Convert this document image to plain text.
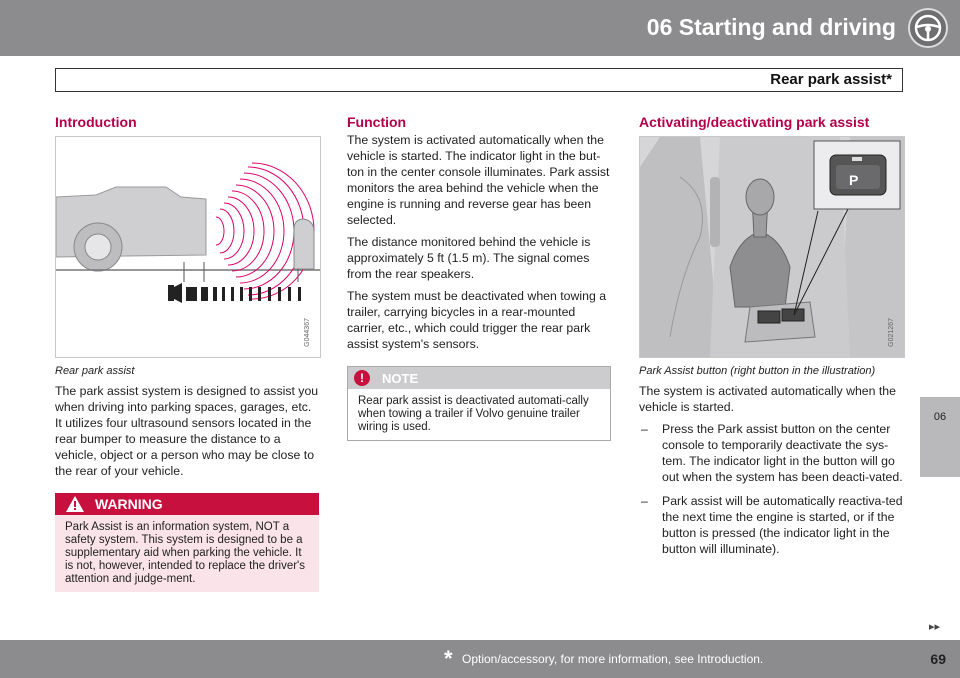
06 Starting and driving
Rear park assist*
06
Introduction
G044367
Rear park assist

The park assist system is designed to assist you when driving into parking spaces, garages, etc. It utilizes four ultrasound sensors located in the rear bumper to measure the distance to a vehicle, object or a person who may be close to the rear of your vehicle.

WARNING
Park Assist is an information system, NOT a safety system. This system is designed to be a supplementary aid when parking the vehicle. It is not, however, intended to replace the driver's attention and judge-ment.
Function

The system is activated automatically when the vehicle is started. The indicator light in the but-ton in the center console illuminates. Park assist monitors the area behind the vehicle when the engine is running and reverse gear has been selected.

The distance monitored behind the vehicle is approximately 5 ft (1.5 m). The signal comes from the rear speakers.

The system must be deactivated when towing a trailer, carrying bicycles in a rear-mounted carrier, etc., which could trigger the rear park assist system's sensors.

!	NOTE
Rear park assist is deactivated automati-cally when towing a trailer if Volvo genuine trailer wiring is used.
Activating/deactivating park assist
P
G021267
Park Assist button (right button in the illustration)

The system is activated automatically when the vehicle is started.

– Press the Park assist button on the center console to temporarily deactivate the sys-tem. The indicator light in the button will go out when the system has been deacti-vated.
– Park assist will be automatically reactiva-ted the next time the engine is started, or if the button is pressed (the indicator light in the button will illuminate).
▸▸
* Option/accessory, for more information, see Introduction.	69
